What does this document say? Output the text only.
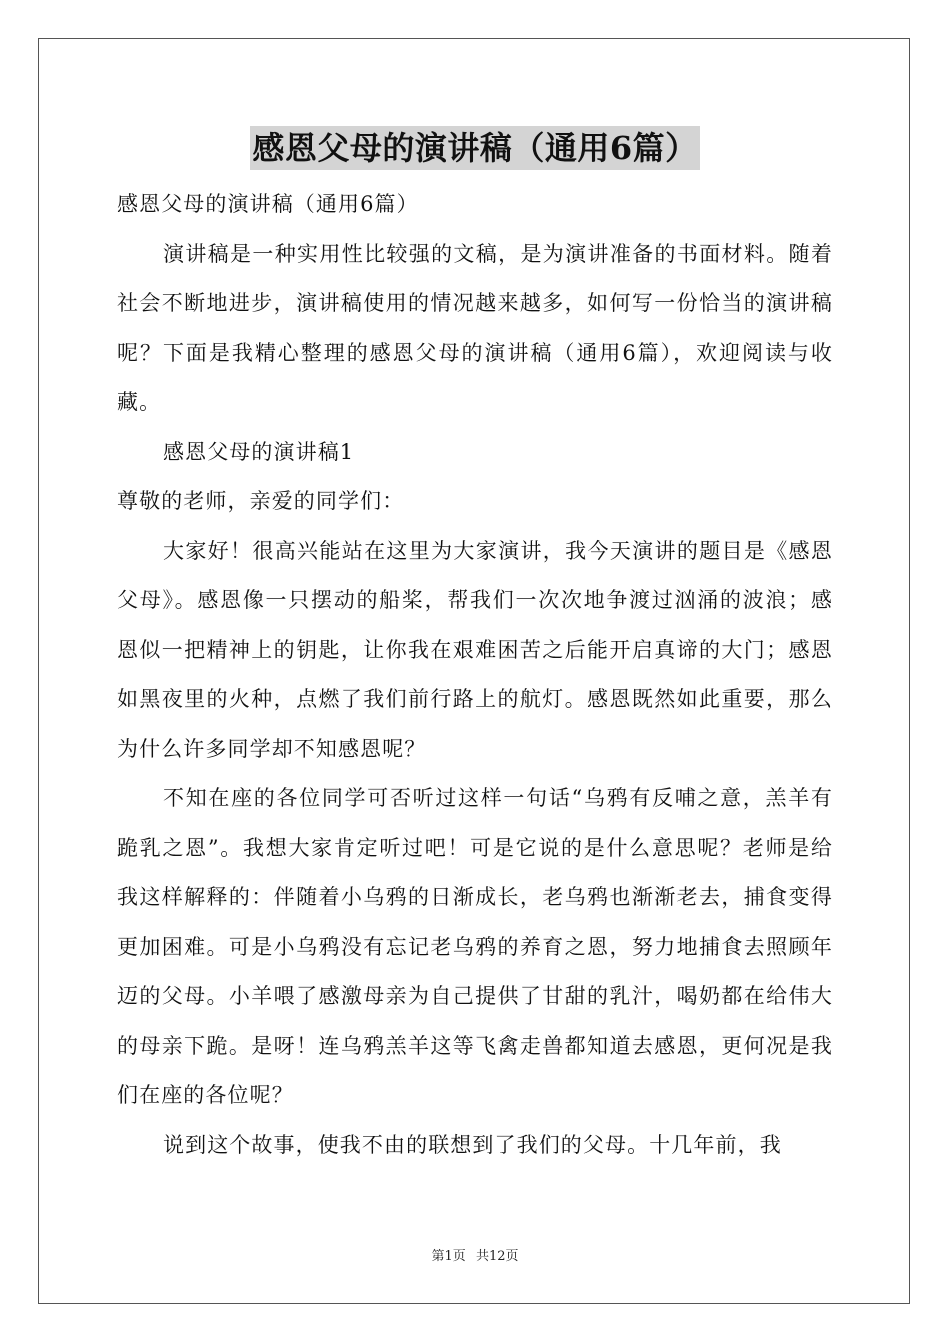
感恩父母的演讲稿（通用6篇）

感恩父母的演讲稿（通用6篇）

演讲稿是一种实用性比较强的文稿，是为演讲准备的书面材料。随着社会不断地进步，演讲稿使用的情况越来越多，如何写一份恰当的演讲稿呢？下面是我精心整理的感恩父母的演讲稿（通用6篇），欢迎阅读与收藏。

感恩父母的演讲稿1

尊敬的老师，亲爱的同学们：

大家好！很高兴能站在这里为大家演讲，我今天演讲的题目是《感恩父母》。感恩像一只摆动的船桨，帮我们一次次地争渡过汹涌的波浪；感恩似一把精神上的钥匙，让你我在艰难困苦之后能开启真谛的大门；感恩如黑夜里的火种，点燃了我们前行路上的航灯。感恩既然如此重要，那么为什么许多同学却不知感恩呢？

不知在座的各位同学可否听过这样一句话“乌鸦有反哺之意，羔羊有跪乳之恩”。我想大家肯定听过吧！可是它说的是什么意思呢？老师是给我这样解释的：伴随着小乌鸦的日渐成长，老乌鸦也渐渐老去，捕食变得更加困难。可是小乌鸦没有忘记老乌鸦的养育之恩，努力地捕食去照顾年迈的父母。小羊喂了感激母亲为自己提供了甘甜的乳汁，喝奶都在给伟大的母亲下跪。是呀！连乌鸦羔羊这等飞禽走兽都知道去感恩，更何况是我们在座的各位呢？

说到这个故事，使我不由的联想到了我们的父母。十几年前，我

第1页 共12页
